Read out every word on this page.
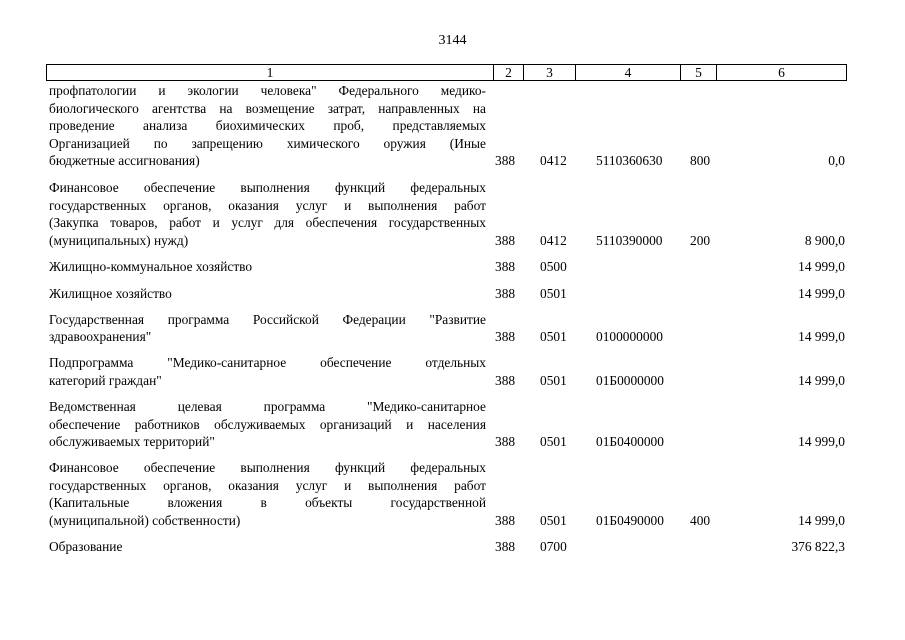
3144
1	2	3	4	5	6
профпатологии и экологии человека" Федерального медико-
биологического агентства на возмещение затрат, направленных на
проведение анализа биохимических проб, представляемых
Организацией по запрещению химического оружия (Иные
бюджетные ассигнования)	388 0412 5110360630 800	0,0
Финансовое обеспечение выполнения функций федеральных
государственных органов, оказания услуг и выполнения работ
(Закупка товаров, работ и услуг для обеспечения государственных
(муниципальных) нужд)	388 0412 5110390000 200	8 900,0
Жилищно-коммунальное хозяйство	388 0500	14 999,0
Жилищное хозяйство	388 0501	14 999,0
Государственная программа Российской Федерации "Развитие
здравоохранения"	388 0501 0100000000	14 999,0
Подпрограмма "Медико-санитарное обеспечение отдельных
категорий граждан"	388 0501 01Б0000000	14 999,0
Ведомственная целевая программа "Медико-санитарное
обеспечение работников обслуживаемых организаций и населения
обслуживаемых территорий"	388 0501 01Б0400000	14 999,0
Финансовое обеспечение выполнения функций федеральных
государственных органов, оказания услуг и выполнения работ
(Капитальные вложения в объекты государственной
(муниципальной) собственности)	388 0501 01Б0490000 400	14 999,0
Образование	388 0700	376 822,3
